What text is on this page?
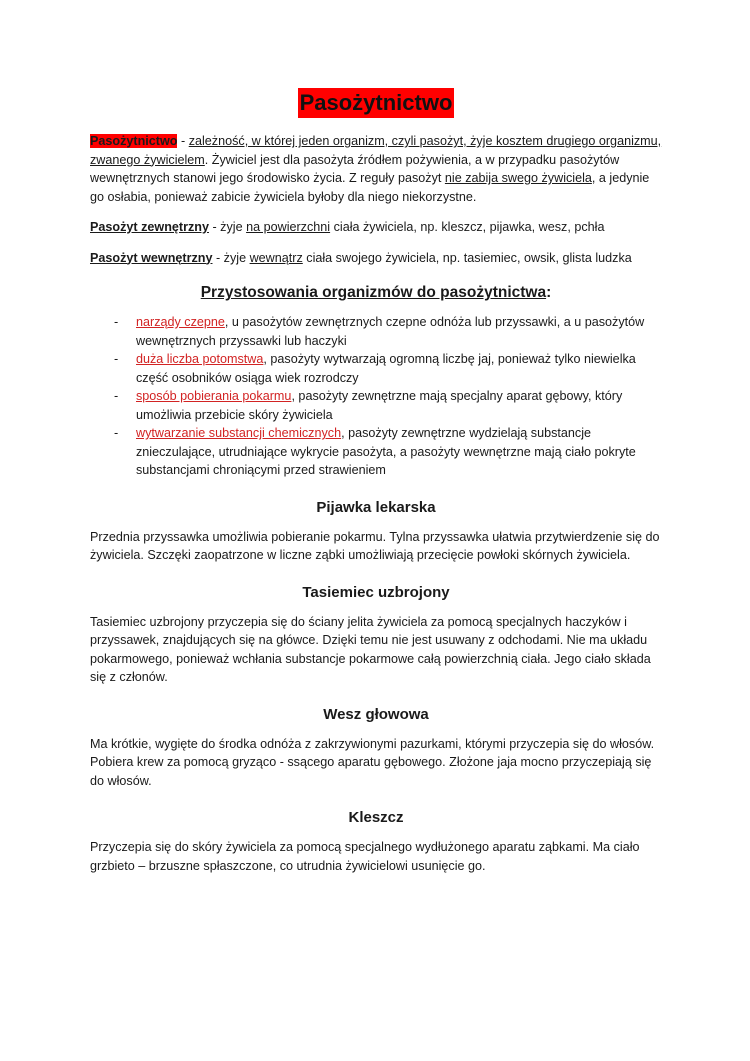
Pasożytnictwo

Pasożytnictwo - zależność, w której jeden organizm, czyli pasożyt, żyje kosztem drugiego organizmu, zwanego żywicielem. Żywiciel jest dla pasożyta źródłem pożywienia, a w przypadku pasożytów wewnętrznych stanowi jego środowisko życia. Z reguły pasożyt nie zabija swego żywiciela, a jedynie go osłabia, ponieważ zabicie żywiciela byłoby dla niego niekorzystne.

Pasożyt zewnętrzny - żyje na powierzchni ciała żywiciela, np. kleszcz, pijawka, wesz, pchła

Pasożyt wewnętrzny - żyje wewnątrz ciała swojego żywiciela, np. tasiemiec, owsik, glista ludzka

Przystosowania organizmów do pasożytnictwa:
- narządy czepne, u pasożytów zewnętrznych czepne odnóża lub przyssawki, a u pasożytów wewnętrznych przyssawki lub haczyki
- duża liczba potomstwa, pasożyty wytwarzają ogromną liczbę jaj, ponieważ tylko niewielka część osobników osiąga wiek rozrodczy
- sposób pobierania pokarmu, pasożyty zewnętrzne mają specjalny aparat gębowy, który umożliwia przebicie skóry żywiciela
- wytwarzanie substancji chemicznych, pasożyty zewnętrzne wydzielają substancje znieczulające, utrudniające wykrycie pasożyta, a pasożyty wewnętrzne mają ciało pokryte substancjami chroniącymi przed strawieniem
Pijawka lekarska

Przednia przyssawka umożliwia pobieranie pokarmu. Tylna przyssawka ułatwia przytwierdzenie się do żywiciela. Szczęki zaopatrzone w liczne ząbki umożliwiają przecięcie powłoki skórnych żywiciela.

Tasiemiec uzbrojony

Tasiemiec uzbrojony przyczepia się do ściany jelita żywiciela za pomocą specjalnych haczyków i przyssawek, znajdujących się na główce. Dzięki temu nie jest usuwany z odchodami. Nie ma układu pokarmowego, ponieważ wchłania substancje pokarmowe całą powierzchnią ciała. Jego ciało składa się z członów.

Wesz głowowa

Ma krótkie, wygięte do środka odnóża z zakrzywionymi pazurkami, którymi przyczepia się do włosów. Pobiera krew za pomocą gryząco - ssącego aparatu gębowego. Złożone jaja mocno przyczepiają się do włosów.

Kleszcz

Przyczepia się do skóry żywiciela za pomocą specjalnego wydłużonego aparatu ząbkami. Ma ciało grzbieto – brzuszne spłaszczone, co utrudnia żywicielowi usunięcie go.
